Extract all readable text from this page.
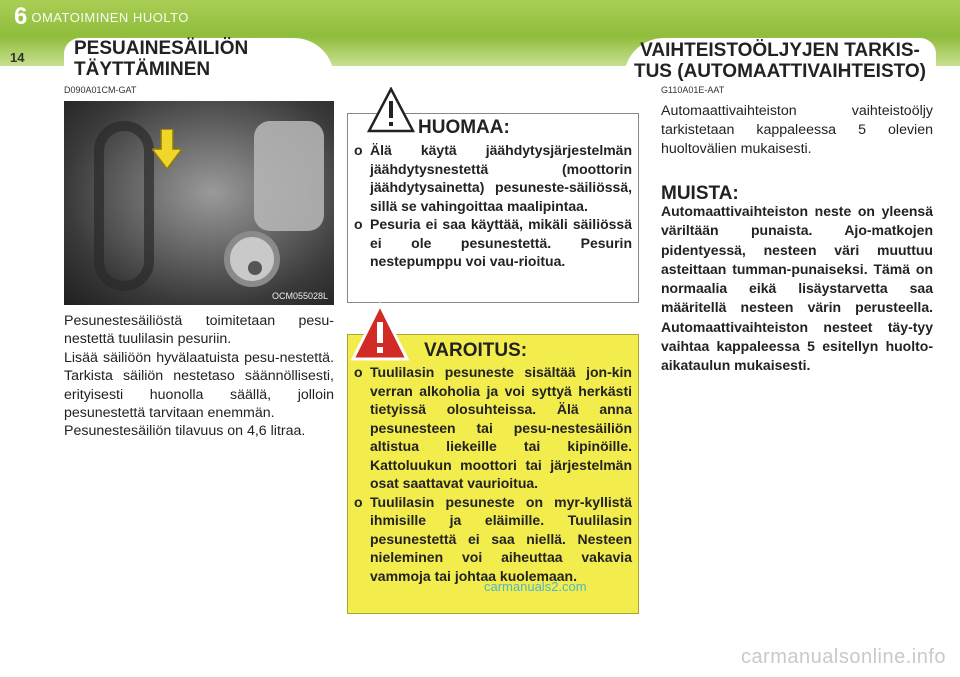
6 OMATOIMINEN HUOLTO
14	PESUAINESÄILIÖN TÄYTTÄMINEN
D090A01CM-GAT
VAIHTEISTOÖLJYJEN TARKIS-TUS (AUTOMAATTIVAIHTEISTO)
G110A01E-AAT
OCM055028L

Pesunestesäiliöstä toimitetaan pesu-nestettä tuulilasin pesuriin.

Lisää säiliöön hyvälaatuista pesu-nestettä. Tarkista säiliön nestetaso säännöllisesti, erityisesti huonolla säällä, jolloin pesunestettä tarvitaan enemmän.

Pesunestesäiliön tilavuus on 4,6 litraa.

HUOMAA:
o Älä käytä jäähdytysjärjestelmän jäähdytysnestettä (moottorin jäähdytysainetta) pesuneste-säiliössä, sillä se vahingoittaa maalipintaa.
o Pesuria ei saa käyttää, mikäli säiliössä ei ole pesunestettä. Pesurin nestepumppu voi vau-rioitua.
VAROITUS:
o Tuulilasin pesuneste sisältää jon-kin verran alkoholia ja voi syttyä herkästi tietyissä olosuhteissa. Älä anna pesunesteen tai pesu-nestesäiliön altistua liekeille tai kipinöille. Kattoluukun moottori tai järjestelmän osat saattavat vaurioitua.
o Tuulilasin pesuneste on myr-kyllistä ihmisille ja eläimille. Tuulilasin pesunestettä ei saa niellä. Nesteen nieleminen voi aiheuttaa vakavia vammoja tai johtaa kuolemaan.
carmanuals2.com
Automaattivaihteiston vaihteistoöljy tarkistetaan kappaleessa 5 olevien huoltovälien mukaisesti.
MUISTA:
Automaattivaihteiston neste on yleensä väriltään punaista. Ajo-matkojen pidentyessä, nesteen väri muuttuu asteittaan tumman-punaiseksi. Tämä on normaalia eikä lisäystarvetta saa määritellä nesteen värin perusteella. Automaattivaihteiston nesteet täy-tyy vaihtaa kappaleessa 5 esitellyn huolto-aikataulun mukaisesti.
carmanualsonline.info
